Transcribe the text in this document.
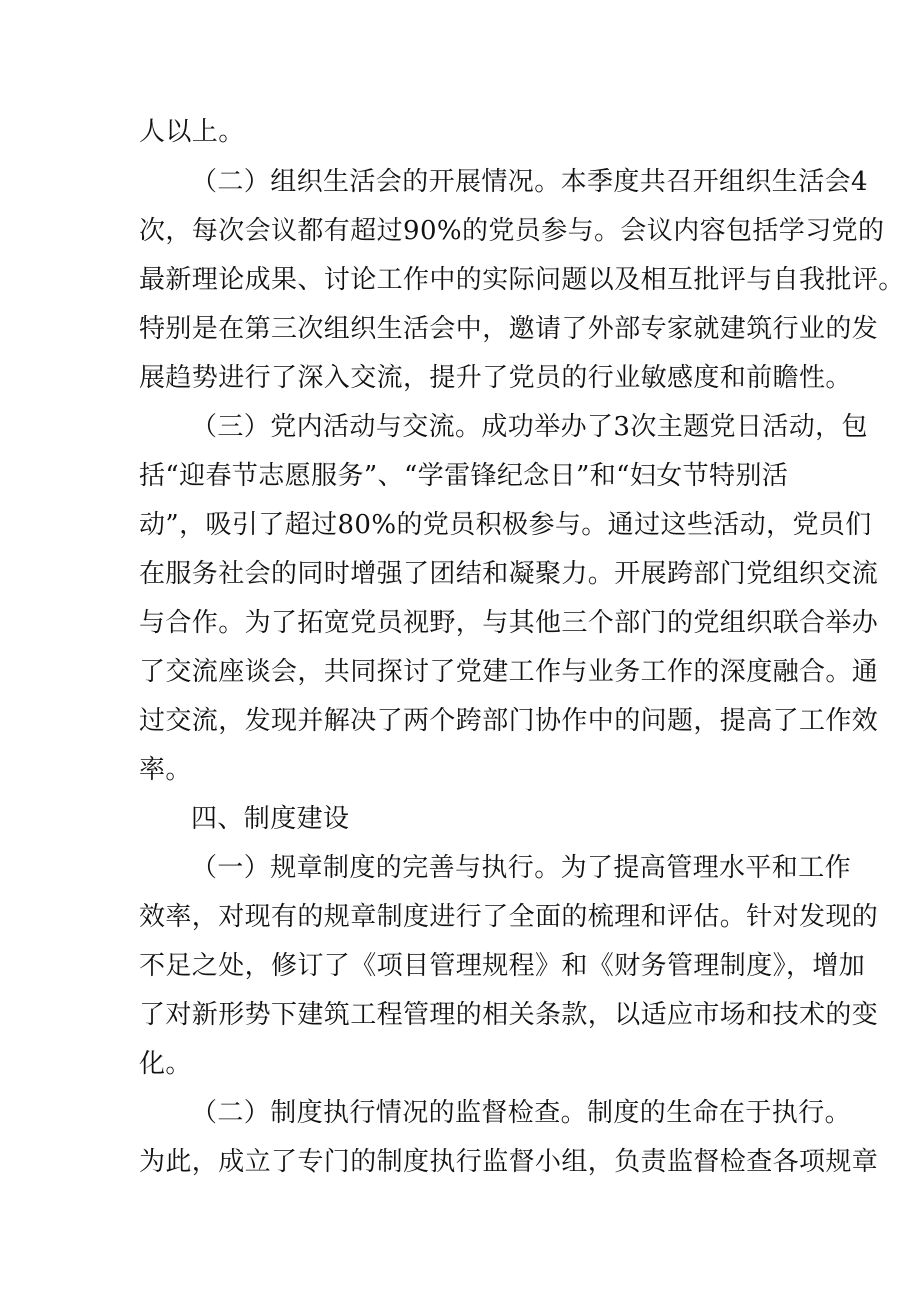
人以上。
（二）组织生活会的开展情况。本季度共召开组织生活会4
次，每次会议都有超过90%的党员参与。会议内容包括学习党的
最新理论成果、讨论工作中的实际问题以及相互批评与自我批评。
特别是在第三次组织生活会中，邀请了外部专家就建筑行业的发
展趋势进行了深入交流，提升了党员的行业敏感度和前瞻性。
（三）党内活动与交流。成功举办了3次主题党日活动，包
括“迎春节志愿服务”、“学雷锋纪念日”和“妇女节特别活
动”，吸引了超过80%的党员积极参与。通过这些活动，党员们
在服务社会的同时增强了团结和凝聚力。开展跨部门党组织交流
与合作。为了拓宽党员视野，与其他三个部门的党组织联合举办
了交流座谈会，共同探讨了党建工作与业务工作的深度融合。通
过交流，发现并解决了两个跨部门协作中的问题，提高了工作效
率。
四、制度建设
（一）规章制度的完善与执行。为了提高管理水平和工作
效率，对现有的规章制度进行了全面的梳理和评估。针对发现的
不足之处，修订了《项目管理规程》和《财务管理制度》，增加
了对新形势下建筑工程管理的相关条款，以适应市场和技术的变
化。
（二）制度执行情况的监督检查。制度的生命在于执行。
为此，成立了专门的制度执行监督小组，负责监督检查各项规章
